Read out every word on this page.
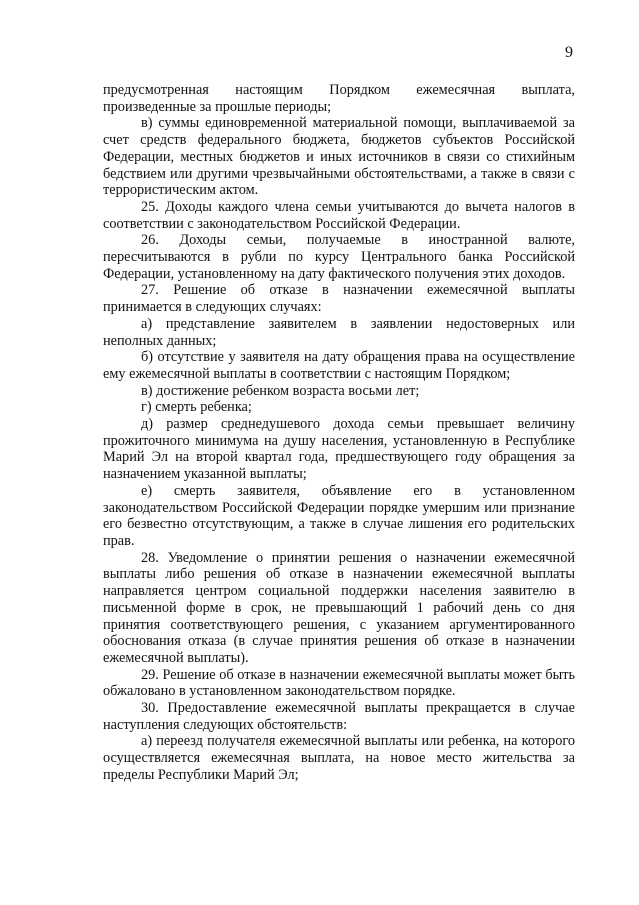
9

предусмотренная настоящим Порядком ежемесячная выплата, произведенные за прошлые периоды;

в) суммы единовременной материальной помощи, выплачиваемой за счет средств федерального бюджета, бюджетов субъектов Российской Федерации, местных бюджетов и иных источников в связи со стихийным бедствием или другими чрезвычайными обстоятельствами, а также в связи с террористическим актом.

25. Доходы каждого члена семьи учитываются до вычета налогов в соответствии с законодательством Российской Федерации.

26. Доходы семьи, получаемые в иностранной валюте, пересчитываются в рубли по курсу Центрального банка Российской Федерации, установленному на дату фактического получения этих доходов.

27. Решение об отказе в назначении ежемесячной выплаты принимается в следующих случаях:

а) представление заявителем в заявлении недостоверных или неполных данных;

б) отсутствие у заявителя на дату обращения права на осуществление ему ежемесячной выплаты в соответствии с настоящим Порядком;

в) достижение ребенком возраста восьми лет;

г) смерть ребенка;

д) размер среднедушевого дохода семьи превышает величину прожиточного минимума на душу населения, установленную в Республике Марий Эл на второй квартал года, предшествующего году обращения за назначением указанной выплаты;

е) смерть заявителя, объявление его в установленном законодательством Российской Федерации порядке умершим или признание его безвестно отсутствующим, а также в случае лишения его родительских прав.

28. Уведомление о принятии решения о назначении ежемесячной выплаты либо решения об отказе в назначении ежемесячной выплаты направляется центром социальной поддержки населения заявителю в письменной форме в срок, не превышающий 1 рабочий день со дня принятия соответствующего решения, с указанием аргументированного обоснования отказа (в случае принятия решения об отказе в назначении ежемесячной выплаты).

29. Решение об отказе в назначении ежемесячной выплаты может быть обжаловано в установленном законодательством порядке.

30. Предоставление ежемесячной выплаты прекращается в случае наступления следующих обстоятельств:

а) переезд получателя ежемесячной выплаты или ребенка, на которого осуществляется ежемесячная выплата, на новое место жительства за пределы Республики Марий Эл;
